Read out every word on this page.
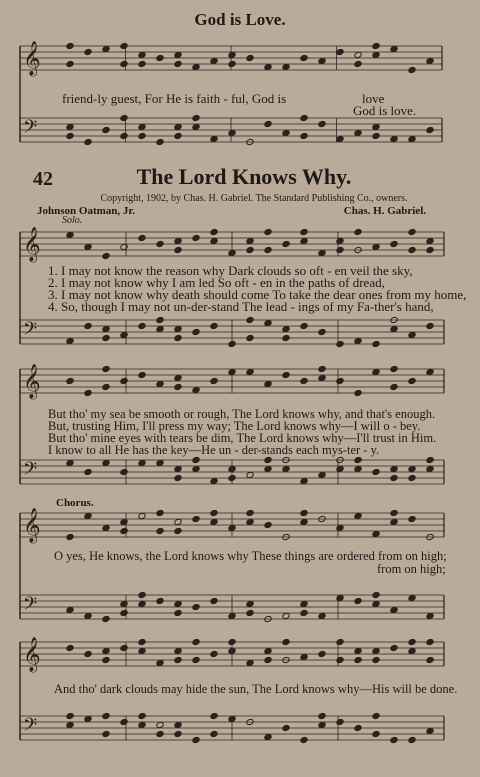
𝄞
𝄢
𝄞
𝄢
𝄞
𝄢
𝄞
𝄢
𝄞
𝄢
God is Love.
friend-ly guest, For He is faith - ful, God is	love
God is love.
42	The Lord Knows Why.
Copyright, 1902, by Chas. H. Gabriel. The Standard Publishing Co., owners.
Johnson Oatman, Jr.	Chas. H. Gabriel.
Solo.
1. I may not know the reason why Dark clouds so oft - en veil the sky,
2. I may not know why I am led So oft - en in the paths of dread,
3. I may not know why death should come To take the dear ones from my home,
4. So, though I may not un-der-stand The lead - ings of my Fa-ther's hand,
But tho' my sea be smooth or rough, The Lord knows why, and that's enough.
But, trusting Him, I'll press my way; The Lord knows why—I will o - bey.
But tho' mine eyes with tears be dim, The Lord knows why—I'll trust in Him.
I know to all He has the key—He un - der-stands each mys-ter - y.
Chorus.
O yes, He knows, the Lord knows why These things are ordered from on high;
from on high;
And tho' dark clouds may hide the sun, The Lord knows why—His will be done.
